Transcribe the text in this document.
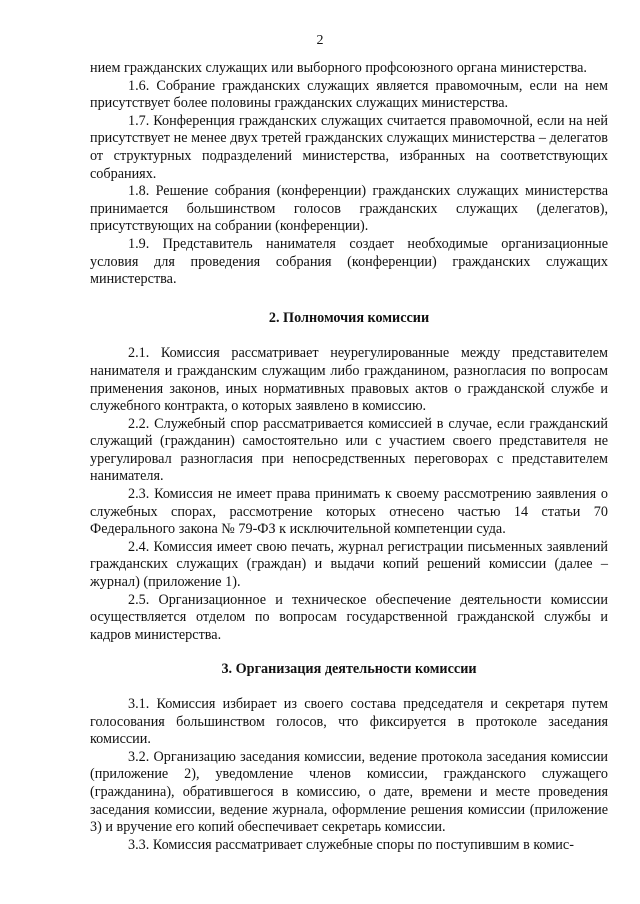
2

нием гражданских служащих или выборного профсоюзного органа министерства.

1.6. Собрание гражданских служащих является правомочным, если на нем присутствует более половины гражданских служащих министерства.

1.7. Конференция гражданских служащих считается правомочной, если на ней присутствует не менее двух третей гражданских служащих министерства – делегатов от структурных подразделений министерства, избранных на соответствующих собраниях.

1.8. Решение собрания (конференции) гражданских служащих министерства принимается большинством голосов гражданских служащих (делегатов), присутствующих на собрании (конференции).

1.9. Представитель нанимателя создает необходимые организационные условия для проведения собрания (конференции) гражданских служащих министерства.

2. Полномочия комиссии

2.1. Комиссия рассматривает неурегулированные между представителем нанимателя и гражданским служащим либо гражданином, разногласия по вопросам применения законов, иных нормативных правовых актов о гражданской службе и служебного контракта, о которых заявлено в комиссию.

2.2. Служебный спор рассматривается комиссией в случае, если гражданский служащий (гражданин) самостоятельно или с участием своего представителя не урегулировал разногласия при непосредственных переговорах с представителем нанимателя.

2.3. Комиссия не имеет права принимать к своему рассмотрению заявления о служебных спорах, рассмотрение которых отнесено частью 14 статьи 70 Федерального закона № 79-ФЗ к исключительной компетенции суда.

2.4. Комиссия имеет свою печать, журнал регистрации письменных заявлений гражданских служащих (граждан) и выдачи копий решений комиссии (далее – журнал) (приложение 1).

2.5. Организационное и техническое обеспечение деятельности комиссии осуществляется отделом по вопросам государственной гражданской службы и кадров министерства.

3. Организация деятельности комиссии

3.1. Комиссия избирает из своего состава председателя и секретаря путем голосования большинством голосов, что фиксируется в протоколе заседания комиссии.

3.2. Организацию заседания комиссии, ведение протокола заседания комиссии (приложение 2), уведомление членов комиссии, гражданского служащего (гражданина), обратившегося в комиссию, о дате, времени и месте проведения заседания комиссии, ведение журнала, оформление решения комиссии (приложение 3) и вручение его копий обеспечивает секретарь комиссии.

3.3. Комиссия рассматривает служебные споры по поступившим в комис-
